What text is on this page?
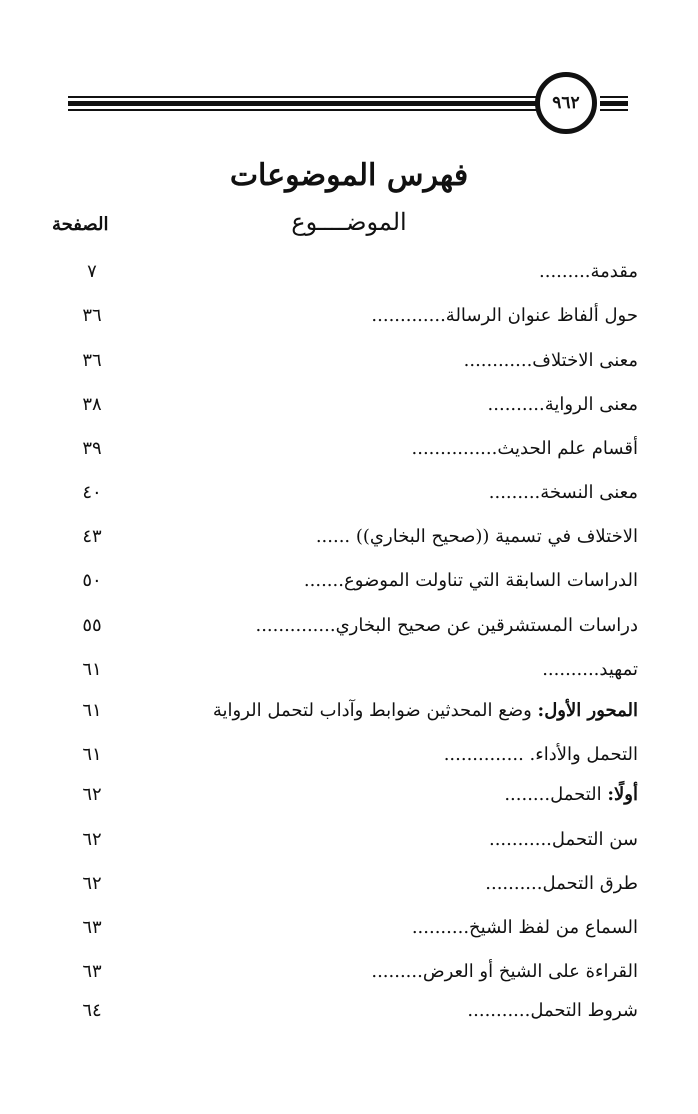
٩٦٢
فهرس الموضوعات
الموضــــوع
الصفحة
مقدمة.........
٧
حول ألفاظ عنوان الرسالة.............
٣٦
معنى الاختلاف............
٣٦
معنى الرواية..........
٣٨
أقسام علم الحديث...............
٣٩
معنى النسخة.........
٤٠
الاختلاف في تسمية ((صحيح البخاري)) ......
٤٣
الدراسات السابقة التي تناولت الموضوع.......
٥٠
دراسات المستشرقين عن صحيح البخاري..............
٥٥
تمهيد..........
٦١
المحور الأول: وضع المحدثين ضوابط وآداب لتحمل الرواية
٦١
التحمل والأداء. ..............
٦١
أولًا: التحمل........
٦٢
سن التحمل...........
٦٢
طرق التحمل..........
٦٢
السماع من لفظ الشيخ..........
٦٣
القراءة على الشيخ أو العرض.........
٦٣
شروط التحمل...........
٦٤
